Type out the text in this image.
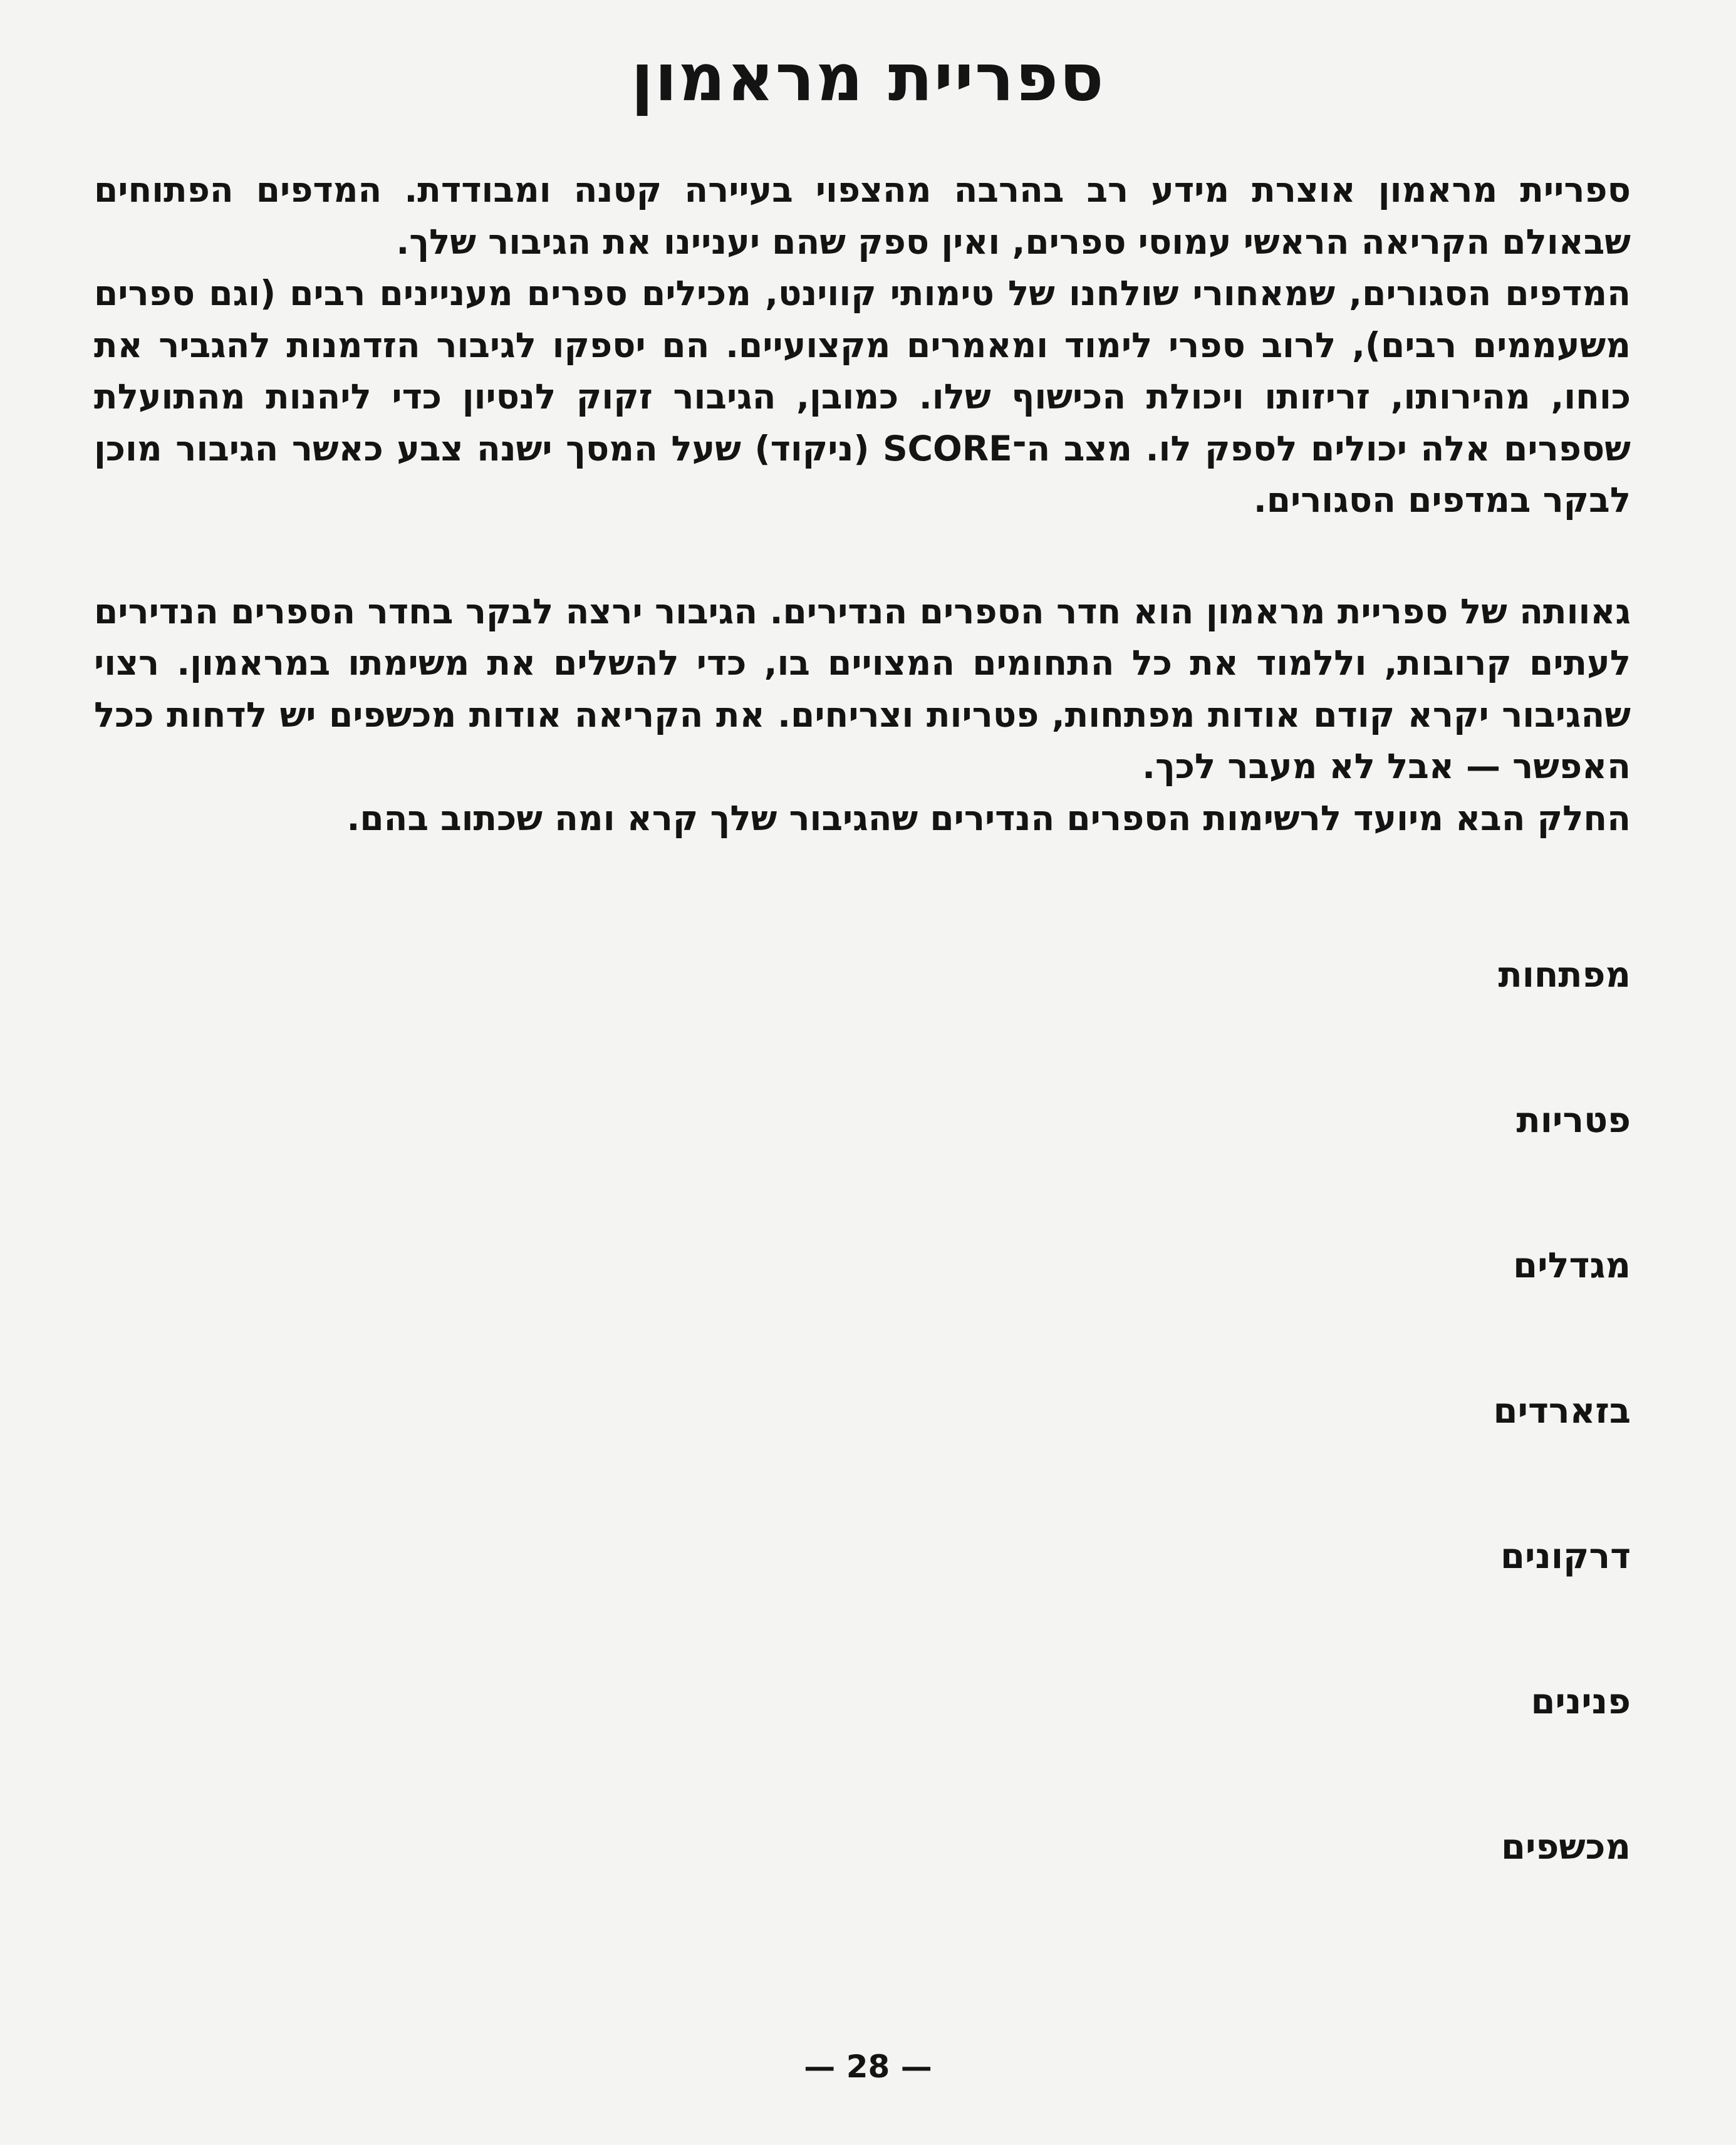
ספריית מראמון

ספריית מראמון אוצרת מידע רב בהרבה מהצפוי בעיירה קטנה ומבודדת. המדפים הפתוחים שבאולם הקריאה הראשי עמוסי ספרים, ואין ספק שהם יעניינו את הגיבור שלך.

המדפים הסגורים, שמאחורי שולחנו של טימותי קווינט, מכילים ספרים מעניינים רבים (וגם ספרים משעממים רבים), לרוב ספרי לימוד ומאמרים מקצועיים. הם יספקו לגיבור הזדמנות להגביר את כוחו, מהירותו, זריזותו ויכולת הכישוף שלו. כמובן, הגיבור זקוק לנסיון כדי ליהנות מהתועלת שספרים אלה יכולים לספק לו. מצב ה־SCORE (ניקוד) שעל המסך ישנה צבע כאשר הגיבור מוכן לבקר במדפים הסגורים.

גאוותה של ספריית מראמון הוא חדר הספרים הנדירים. הגיבור ירצה לבקר בחדר הספרים הנדירים לעתים קרובות, וללמוד את כל התחומים המצויים בו, כדי להשלים את משימתו במראמון. רצוי שהגיבור יקרא קודם אודות מפתחות, פטריות וצריחים. את הקריאה אודות מכשפים יש לדחות ככל האפשר — אבל לא מעבר לכך.

החלק הבא מיועד לרשימות הספרים הנדירים שהגיבור שלך קרא ומה שכתוב בהם.

מפתחות
פטריות
מגדלים
בזארדים
דרקונים
פנינים
מכשפים
— 28 —
